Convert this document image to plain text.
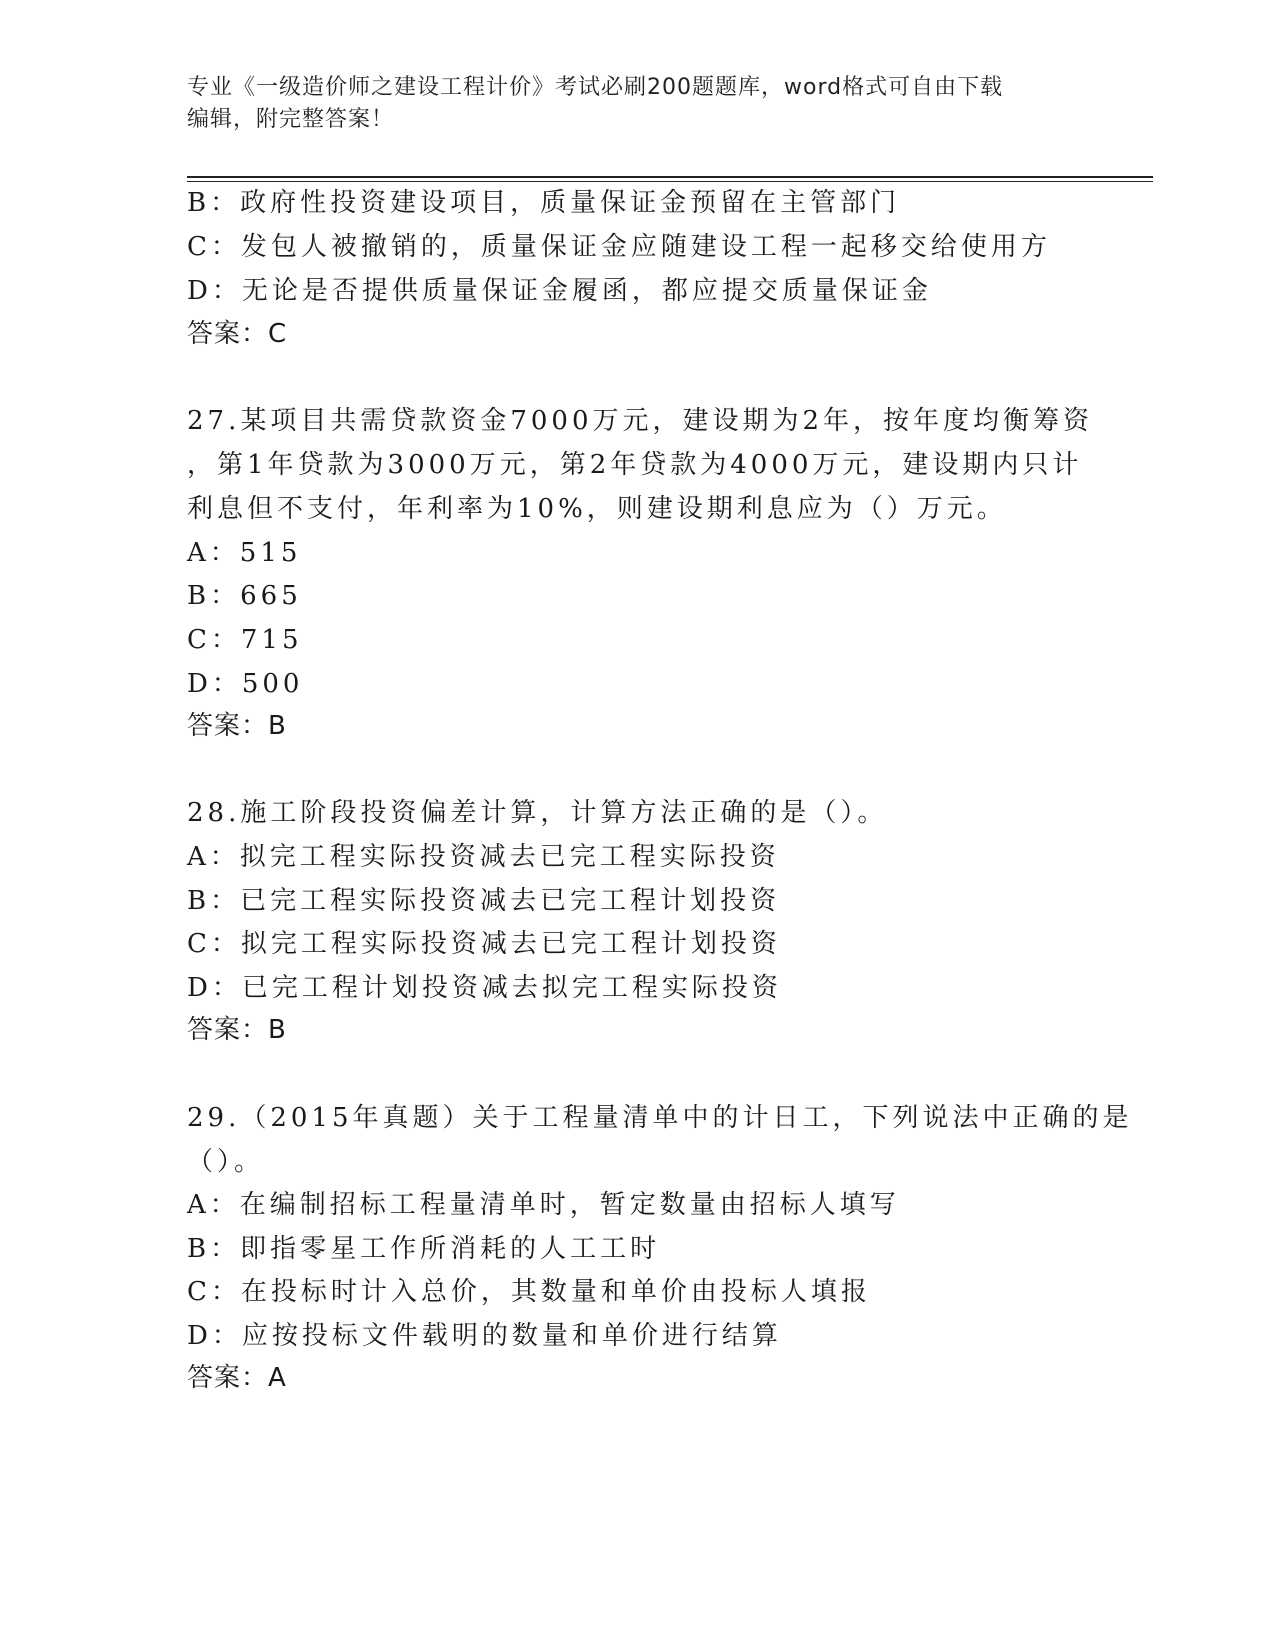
专业《一级造价师之建设工程计价》考试必刷200题题库，word格式可自由下载
编辑，附完整答案！
B：政府性投资建设项目，质量保证金预留在主管部门
C：发包人被撤销的，质量保证金应随建设工程一起移交给使用方
D：无论是否提供质量保证金履函，都应提交质量保证金
答案：C
27.某项目共需贷款资金7000万元，建设期为2年，按年度均衡筹资
，第1年贷款为3000万元，第2年贷款为4000万元，建设期内只计
利息但不支付，年利率为10%，则建设期利息应为（）万元。
A：515
B：665
C：715
D：500
答案：B
28.施工阶段投资偏差计算，计算方法正确的是（）。
A：拟完工程实际投资减去已完工程实际投资
B：已完工程实际投资减去已完工程计划投资
C：拟完工程实际投资减去已完工程计划投资
D：已完工程计划投资减去拟完工程实际投资
答案：B
29.（2015年真题）关于工程量清单中的计日工，下列说法中正确的是
（）。
A：在编制招标工程量清单时，暂定数量由招标人填写
B：即指零星工作所消耗的人工工时
C：在投标时计入总价，其数量和单价由投标人填报
D：应按投标文件载明的数量和单价进行结算
答案：A
